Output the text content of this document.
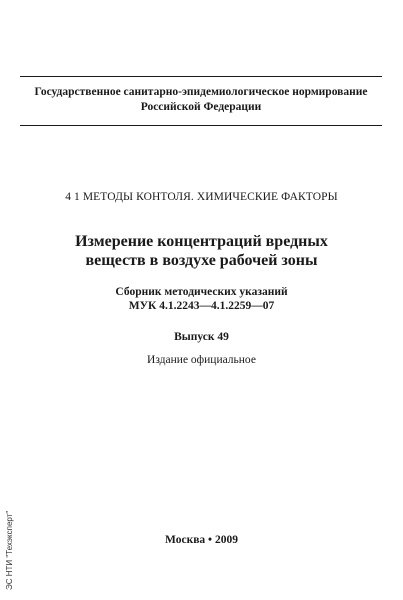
Государственное санитарно-эпидемиологическое нормирование
Российской Федерации
4 1 МЕТОДЫ КОНТОЛЯ. ХИМИЧЕСКИЕ ФАКТОРЫ
Измерение концентраций вредных
веществ в воздухе рабочей зоны
Сборник методических указаний
МУК 4.1.2243—4.1.2259—07
Выпуск 49
Издание официальное
Москва • 2009
ЭС НТИ "Техэксперт"
